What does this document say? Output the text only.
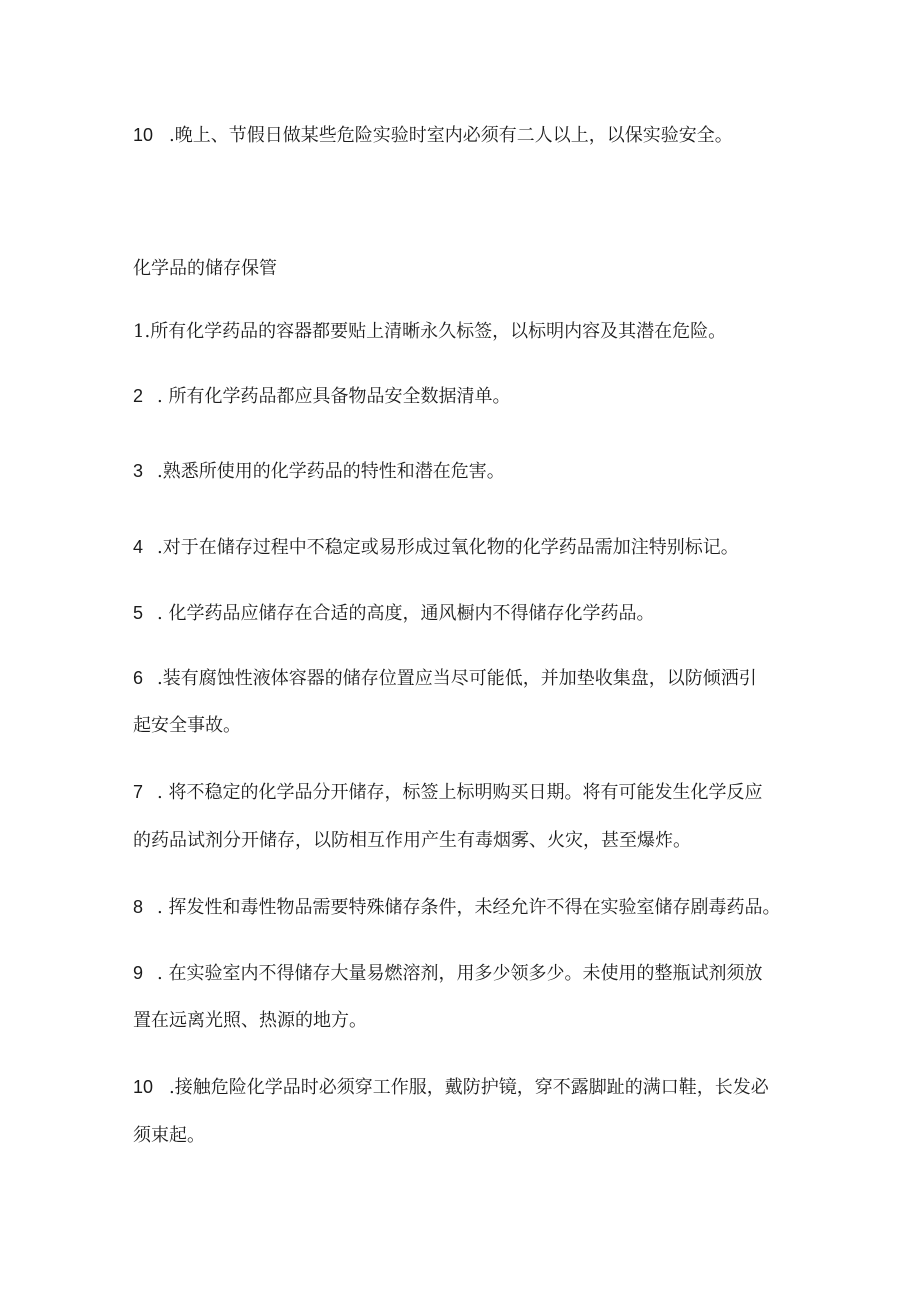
10 .晚上、节假日做某些危险实验时室内必须有二人以上，以保实验安全。

化学品的储存保管

1.所有化学药品的容器都要贴上清晰永久标签，以标明内容及其潜在危险。

2 . 所有化学药品都应具备物品安全数据清单。

3 .熟悉所使用的化学药品的特性和潜在危害。

4 .对于在储存过程中不稳定或易形成过氧化物的化学药品需加注特别标记。

5 . 化学药品应储存在合适的高度，通风橱内不得储存化学药品。

6 .装有腐蚀性液体容器的储存位置应当尽可能低，并加垫收集盘，以防倾洒引

起安全事故。

7 . 将不稳定的化学品分开储存，标签上标明购买日期。将有可能发生化学反应

的药品试剂分开储存，以防相互作用产生有毒烟雾、火灾，甚至爆炸。

8 . 挥发性和毒性物品需要特殊储存条件，未经允许不得在实验室储存剧毒药品。

9 . 在实验室内不得储存大量易燃溶剂，用多少领多少。未使用的整瓶试剂须放

置在远离光照、热源的地方。

10 .接触危险化学品时必须穿工作服，戴防护镜，穿不露脚趾的满口鞋，长发必

须束起。
